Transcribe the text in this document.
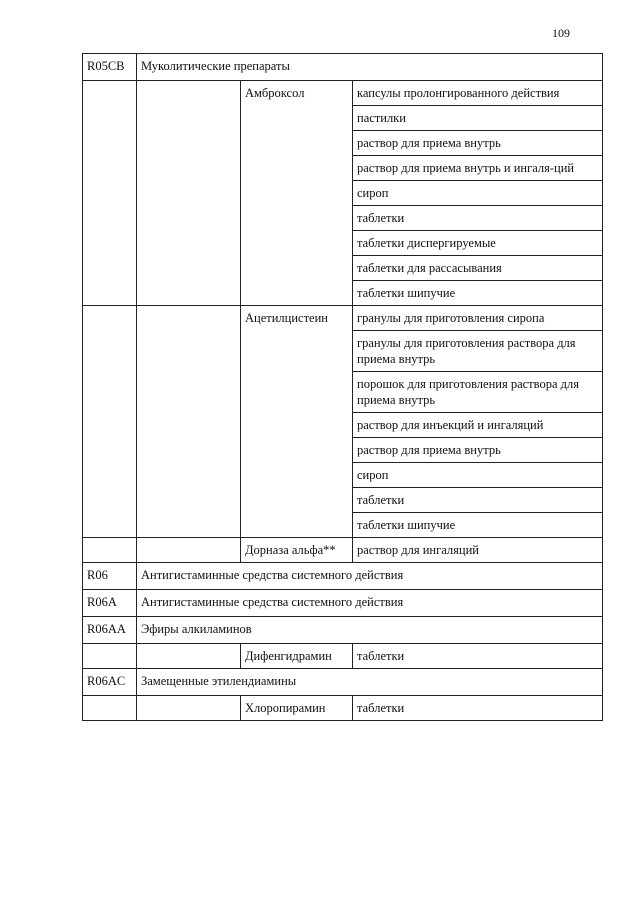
109
R05CB	Муколитические препараты		
		Амброксол	капсулы пролонгированного действия
			пастилки
			раствор для приема внутрь
			раствор для приема внутрь и ингаля-ций
			сироп
			таблетки
			таблетки диспергируемые
			таблетки для рассасывания
			таблетки шипучие
		Ацетилцистеин	гранулы для приготовления сиропа
			гранулы для приготовления раствора для приема внутрь
			порошок для приготовления раствора для приема внутрь
			раствор для инъекций и ингаляций
			раствор для приема внутрь
			сироп
			таблетки
			таблетки шипучие
		Дорназа альфа**	раствор для ингаляций
R06	Антигистаминные средства системного действия		
R06A	Антигистаминные средства системного действия		
R06AA	Эфиры алкиламинов		
		Дифенгидрамин	таблетки
R06AC	Замещенные этилендиамины		
		Хлоропирамин	таблетки
